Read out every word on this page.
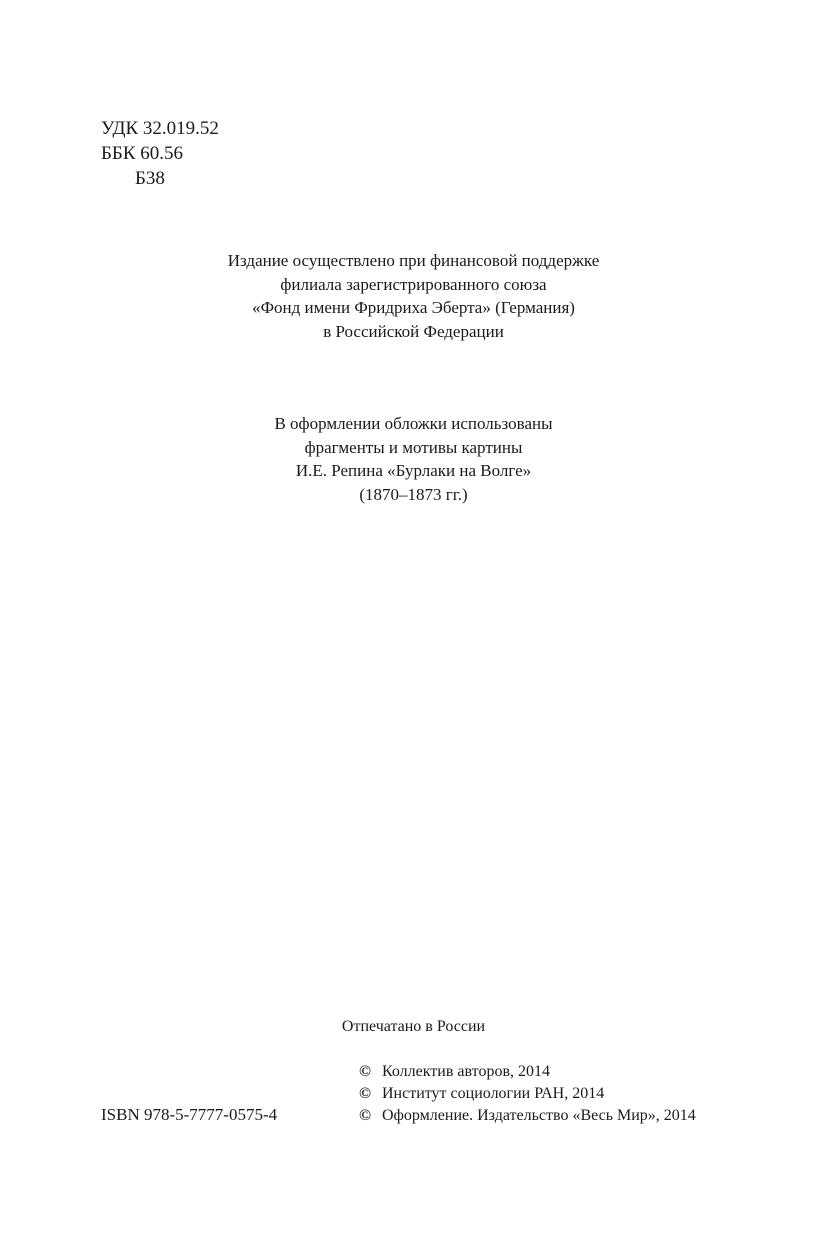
УДК 32.019.52
ББК 60.56
Б38
Издание осуществлено при финансовой поддержке
филиала зарегистрированного союза
«Фонд имени Фридриха Эберта» (Германия)
в Российской Федерации
В оформлении обложки использованы
фрагменты и мотивы картины
И.Е. Репина «Бурлаки на Волге»
(1870–1873 гг.)
Отпечатано в России
ISBN 978-5-7777-0575-4
© Коллектив авторов, 2014
© Институт социологии РАН, 2014
© Оформление. Издательство «Весь Мир», 2014
